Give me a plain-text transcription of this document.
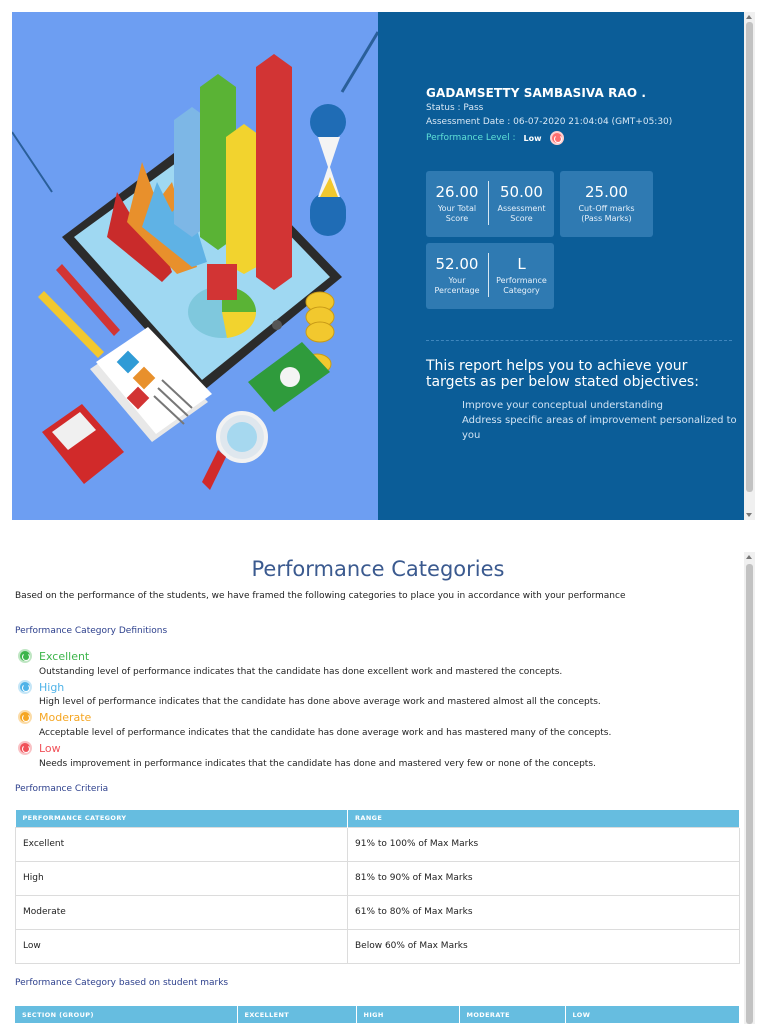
GADAMSETTY SAMBASIVA RAO .
Status : Pass
Assessment Date : 06-07-2020 21:04:04 (GMT+05:30)
Performance Level : Low
26.00
Your Total
Score
50.00
Assessment
Score
25.00
Cut-Off marks
(Pass Marks)
52.00
Your
Percentage
L
Performance
Category
This report helps you to achieve your targets as per below stated objectives:
Improve your conceptual understanding
Address specific areas of improvement personalized to you
Performance Categories
Based on the performance of the students, we have framed the following categories to place you in accordance with your performance
Performance Category Definitions
Excellent
Outstanding level of performance indicates that the candidate has done excellent work and mastered the concepts.
High
High level of performance indicates that the candidate has done above average work and mastered almost all the concepts.
Moderate
Acceptable level of performance indicates that the candidate has done average work and has mastered many of the concepts.
Low
Needs improvement in performance indicates that the candidate has done and mastered very few or none of the concepts.
Performance Criteria
PERFORMANCE CATEGORY	RANGE
Excellent	91% to 100% of Max Marks
High	81% to 90% of Max Marks
Moderate	61% to 80% of Max Marks
Low	Below 60% of Max Marks
Performance Category based on student marks
SECTION (GROUP)	EXCELLENT	HIGH	MODERATE	LOW
